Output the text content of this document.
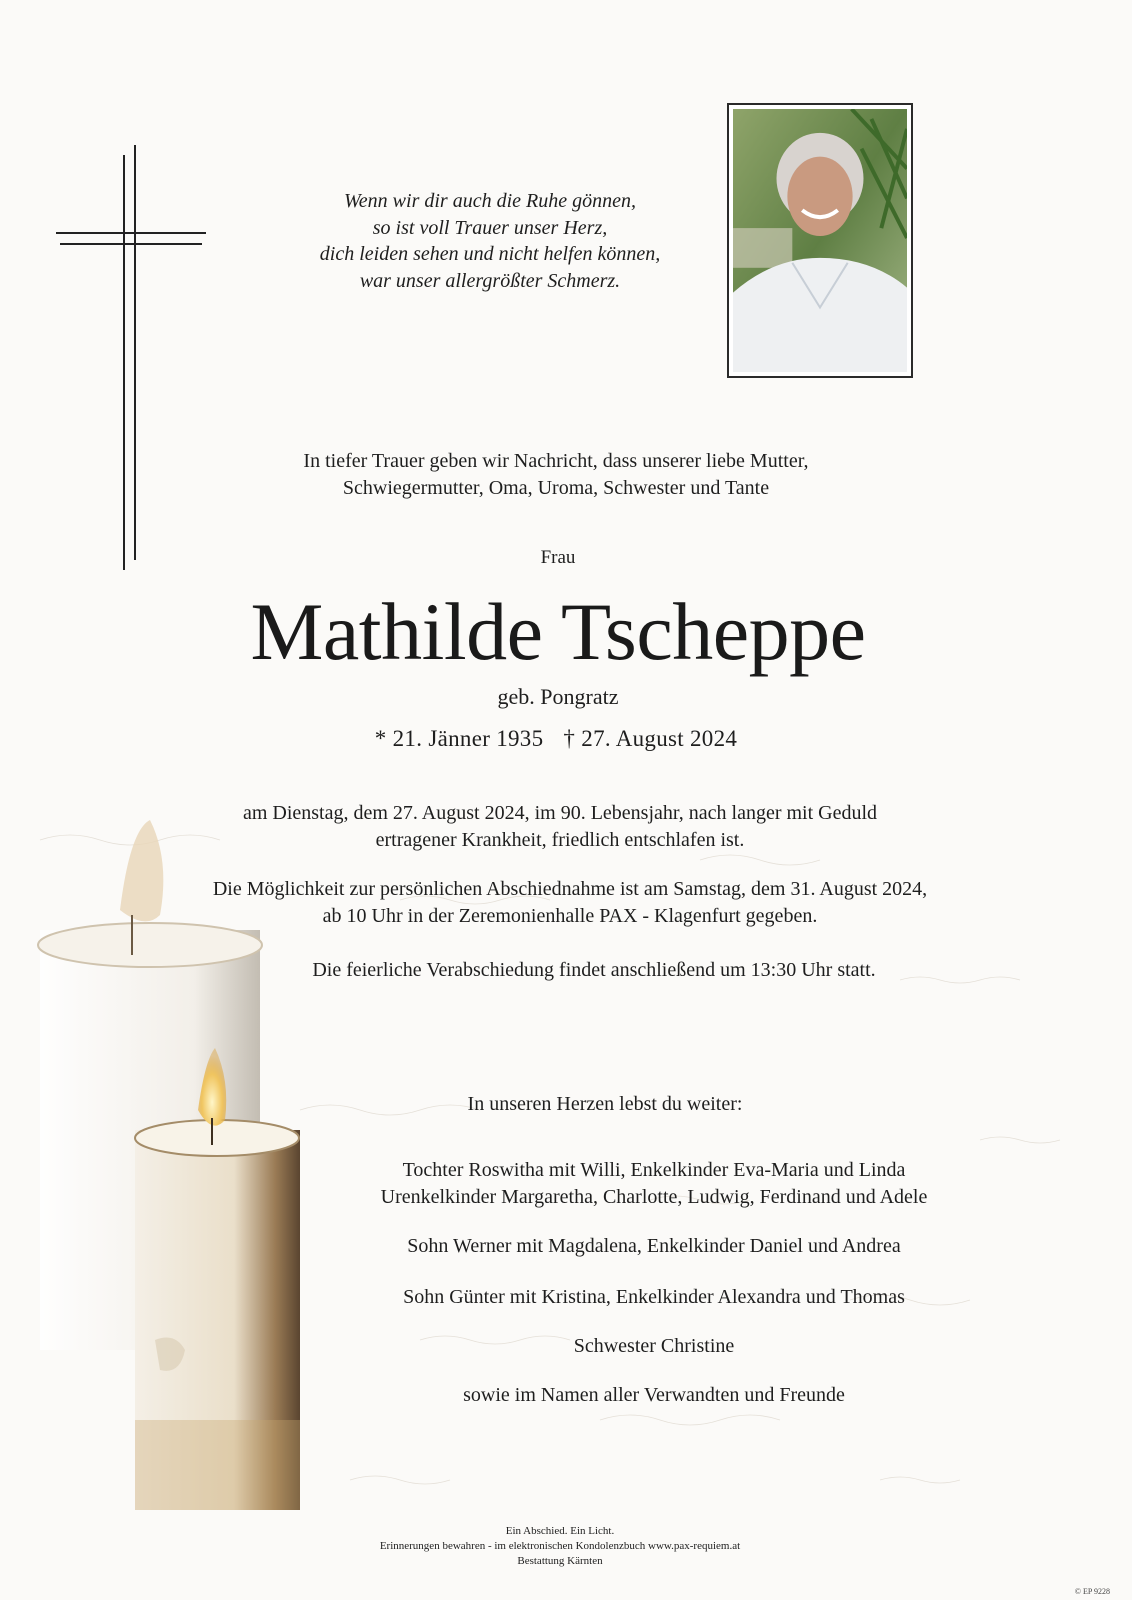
Wenn wir dir auch die Ruhe gönnen,
so ist voll Trauer unser Herz,
dich leiden sehen und nicht helfen können,
war unser allergrößter Schmerz.
In tiefer Trauer geben wir Nachricht, dass unserer liebe Mutter,
Schwiegermutter, Oma, Uroma, Schwester und Tante
Frau
Mathilde Tscheppe
geb. Pongratz
* 21. Jänner 1935 † 27. August 2024
am Dienstag, dem 27. August 2024, im 90. Lebensjahr, nach langer mit Geduld
ertragener Krankheit, friedlich entschlafen ist.
Die Möglichkeit zur persönlichen Abschiednahme ist am Samstag, dem 31. August 2024,
ab 10 Uhr in der Zeremonienhalle PAX - Klagenfurt gegeben.
Die feierliche Verabschiedung findet anschließend um 13:30 Uhr statt.
In unseren Herzen lebst du weiter:
Tochter Roswitha mit Willi, Enkelkinder Eva-Maria und Linda
Urenkelkinder Margaretha, Charlotte, Ludwig, Ferdinand und Adele
Sohn Werner mit Magdalena, Enkelkinder Daniel und Andrea
Sohn Günter mit Kristina, Enkelkinder Alexandra und Thomas
Schwester Christine
sowie im Namen aller Verwandten und Freunde
Ein Abschied. Ein Licht.
Erinnerungen bewahren - im elektronischen Kondolenzbuch www.pax-requiem.at
Bestattung Kärnten
© EP 9228
